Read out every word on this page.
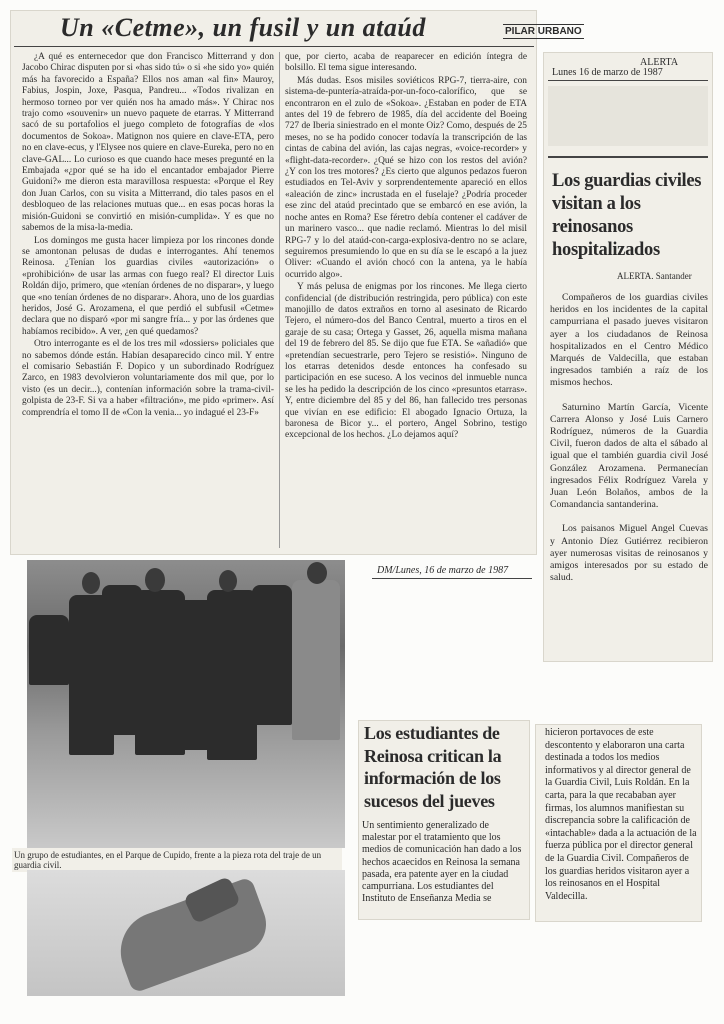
Un «Cetme», un fusil y un ataúd	PILAR URBANO

¿A qué es enternecedor que don Francisco Mitterrand y don Jacobo Chirac disputen por si «has sido tú» o si «he sido yo» quién más ha favorecido a España? Ellos nos aman «al fin» Mauroy, Fabius, Jospin, Joxe, Pasqua, Pandreu... «Todos rivalizan en hermoso torneo por ver quién nos ha amado más». Y Chirac nos trajo como «souvenir» un nuevo paquete de etarras. Y Mitterrand sacó de su portafolios el juego completo de fotografías de «los documentos de Sokoa». Matignon nos quiere en clave-ETA, pero no en clave-ecus, y l'Elysee nos quiere en clave-Eureka, pero no en clave-GAL... Lo curioso es que cuando hace meses pregunté en la Embajada «¿por qué se ha ido el encantador embajador Pierre Guidoni?» me dieron esta maravillosa respuesta: «Porque el Rey don Juan Carlos, con su visita a Mitterrand, dio tales pasos en el desbloqueo de las relaciones mutuas que... en esas pocas horas la misión-Guidoni se convirtió en misión-cumplida». Y es que no sabemos de la misa-la-media.

Los domingos me gusta hacer limpieza por los rincones donde se amontonan pelusas de dudas e interrogantes. Ahí tenemos Reinosa. ¿Tenían los guardias civiles «autorización» o «prohibición» de usar las armas con fuego real? El director Luis Roldán dijo, primero, que «tenían órdenes de no disparar», y luego que «no tenían órdenes de no disparar». Ahora, uno de los guardias heridos, José G. Arozamena, el que perdió el subfusil «Cetme» declara que no disparó «por mi sangre fría... y por las órdenes que habíamos recibido». A ver, ¿en qué quedamos?

Otro interrogante es el de los tres mil «dossiers» policiales que no sabemos dónde están. Habían desaparecido cinco mil. Y entre el comisario Sebastián F. Dopico y un subordinado Rodríguez Zarco, en 1983 devolvieron voluntariamente dos mil que, por lo visto (es un decir...), contenían información sobre la trama-civil-golpista de 23-F. Si va a haber «filtración», me pido «primer». Así comprendría el tomo II de «Con la venia... yo indagué el 23-F»

que, por cierto, acaba de reaparecer en edición íntegra de bolsillo. El tema sigue interesando.

Más dudas. Esos misiles soviéticos RPG-7, tierra-aire, con sistema-de-puntería-atraída-por-un-foco-calorífico, que se encontraron en el zulo de «Sokoa». ¿Estaban en poder de ETA antes del 19 de febrero de 1985, día del accidente del Boeing 727 de Iberia siniestrado en el monte Oiz? Como, después de 25 meses, no se ha podido conocer todavía la transcripción de las cintas de cabina del avión, las cajas negras, «voice-recorder» y «flight-data-recorder». ¿Qué se hizo con los restos del avión? ¿Y con los tres motores? ¿Es cierto que algunos pedazos fueron estudiados en Tel-Aviv y sorprendentemente apareció en ellos «aleación de zinc» incrustada en el fuselaje? ¿Podría proceder ese zinc del ataúd precintado que se embarcó en ese avión, la noche antes en Roma? Ese féretro debía contener el cadáver de un marinero vasco... que nadie reclamó. Mientras lo del misil RPG-7 y lo del ataúd-con-carga-explosiva-dentro no se aclare, seguiremos presumiendo lo que en su día se le escapó a la juez Oliver: «Cuando el avión chocó con la antena, ya le había ocurrido algo».

Y más pelusa de enigmas por los rincones. Me llega cierto confidencial (de distribución restringida, pero pública) con este manojillo de datos extraños en torno al asesinato de Ricardo Tejero, el número-dos del Banco Central, muerto a tiros en el garaje de su casa; Ortega y Gasset, 26, aquella misma mañana del 19 de febrero del 85. Se dijo que fue ETA. Se «añadió» que «pretendían secuestrarle, pero Tejero se resistió». Ninguno de los etarras detenidos desde entonces ha confesado su participación en ese suceso. A los vecinos del inmueble nunca se les ha pedido la descripción de los cinco «presuntos etarras». Y, entre diciembre del 85 y del 86, han fallecido tres personas que vivían en ese edificio: El abogado Ignacio Ortuza, la baronesa de Bicor y... el portero, Angel Sobrino, testigo excepcional de los hechos. ¿Lo dejamos aquí?

ALERTA
Lunes 16 de marzo de 1987
Los guardias civiles visitan a los reinosanos hospitalizados
ALERTA. Santander

Compañeros de los guardias civiles heridos en los incidentes de la capital campurriana el pasado jueves visitaron ayer a los ciudadanos de Reinosa hospitalizados en el Centro Médico Marqués de Valdecilla, que estaban ingresados también a raíz de los mismos hechos.

Saturnino Martín García, Vicente Carrera Alonso y José Luis Carnero Rodríguez, números de la Guardia Civil, fueron dados de alta el sábado al igual que el también guardia civil José González Arozamena. Permanecían ingresados Félix Rodríguez Varela y Juan León Bolaños, ambos de la Comandancia santanderina.

Los paisanos Miguel Angel Cuevas y Antonio Díez Gutiérrez recibieron ayer numerosas visitas de reinosanos y amigos interesados por su estado de salud.

Un grupo de estudiantes, en el Parque de Cupido, frente a la pieza rota del traje de un guardia civil.
DM/Lunes, 16 de marzo de 1987
Los estudiantes de Reinosa critican la información de los sucesos del jueves
Un sentimiento generalizado de malestar por el tratamiento que los medios de comunicación han dado a los hechos acaecidos en Reinosa la semana pasada, era patente ayer en la ciudad campurriana. Los estudiantes del Instituto de Enseñanza Media se
hicieron portavoces de este descontento y elaboraron una carta destinada a todos los medios informativos y al director general de la Guardia Civil, Luis Roldán. En la carta, para la que recababan ayer firmas, los alumnos manifiestan su discrepancia sobre la calificación de «intachable» dada a la actuación de la fuerza pública por el director general de la Guardia Civil. Compañeros de los guardias heridos visitaron ayer a los reinosanos en el Hospital Valdecilla.
